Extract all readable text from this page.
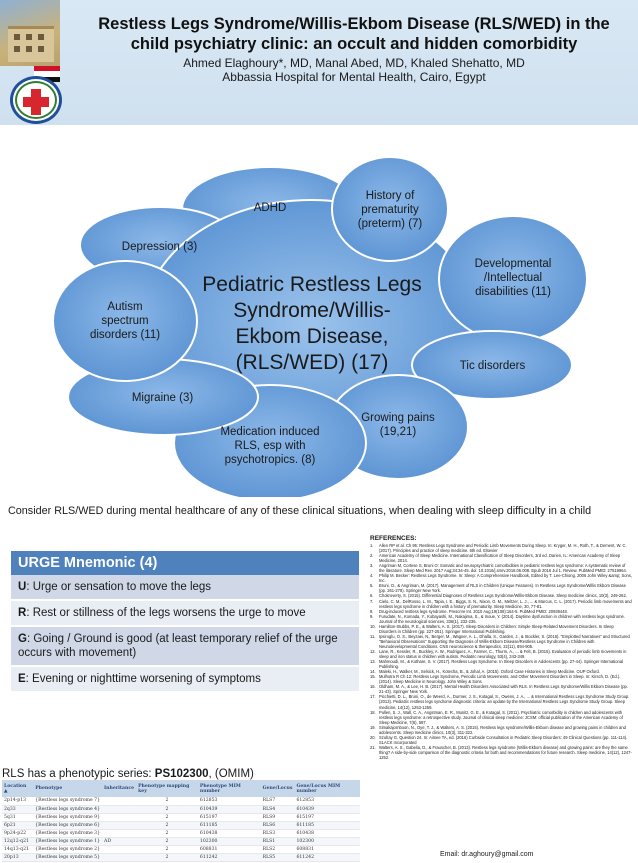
Restless Legs Syndrome/Willis-Ekbom Disease (RLS/WED) in the
child psychiatry clinic: an occult and hidden comorbidity
Ahmed Elaghoury*, MD, Manal Abed, MD, Khaled Shehatto, MD
Abbassia Hospital for Mental Health, Cairo, Egypt
ADHD
History of
prematurity
(preterm) (7)
Developmental
/Intellectual
disabilities (11)
Tic disorders
Growing pains
(19,21)
Medication induced
RLS, esp with
psychotropics. (8)
Migraine (3)
Autism
spectrum
disorders (11)
Depression (3)
Pediatric Restless Legs
Syndrome/Willis-
Ekbom Disease,
(RLS/WED) (17)
Consider RLS/WED during mental healthcare of any of these clinical situations, when dealing with sleep difficulty in a child
URGE Mnemonic (4)
U: Urge or sensation to move the legs
R: Rest or stillness of the legs worsens the urge to move
G: Going / Ground is good (at least temporary relief of the urge occurs with movement)
E: Evening or nighttime worsening of symptoms
RLS has a phenotypic series: PS102300, (OMIM)
Location ▲	Phenotype	Inheritance	Phenotype mapping key	Phenotype MIM number	Gene/Locus	Gene/Locus MIM number
2p14-p13	{Restless legs syndrome 7}		2	612853	RLS7	612853
2q33	{Restless legs syndrome 4}		2	610439	RLS4	610439
5q31	{Restless legs syndrome 9}		2	615197	RLS9	615197
6p21	{Restless legs syndrome 6}		2	611185	RLS6	611185
9p24-p22	{Restless legs syndrome 3}		2	610438	RLS3	610438
12q12-q21	{Restless legs syndrome 1}	AD	2	102300	RLS1	102300
14q13-q21	{Restless legs syndrome 2}		2	608831	RLS2	608831
20p13	{Restless legs syndrome 5}		2	611242	RLS5	611242
REFERENCES:
1.	Allen RP et al. Ch 95: Restless Legs Syndrome and Periodic Limb Movements During Sleep. In: Kryger, M. H., Roth, T., & Dement, W. C. (2017). Principles and practice of sleep medicine. 6th ed. Elsevier
2.	American Academy of Sleep Medicine. International Classification of Sleep Disorders, 3rd ed. Darien, IL: American Academy of Sleep Medicine, 2014.
3.	Angriman M, Cortese S, Bruni O: Somatic and neuropsychiatric comorbidities in pediatric restless legs syndrome: A systematic review of the literature. Sleep Med Rev. 2017 Aug;34:34-45. doi: 10.1016/j.smrv.2016.06.008. Epub 2016 Jul 1. Review. PubMed PMID: 27519964.
4.	Philip M. Becker: Restless Legs Syndrome. In: Sleep: A Comprehensive Handbook, Edited by T. Lee-Chiong. 2006 John Wiley &amp; Sons, Inc.
5.	Bruni, O., & Angriman, M. (2017). Management of RLS in Children (Unique Features). In Restless Legs Syndrome/Willis Ekbom Disease (pp. 261-278). Springer New York.
6.	Chokroverty, S. (2015). Differential Diagnoses of Restless Legs Syndrome/Willis-Ekbom Disease. Sleep medicine clinics, 10(3), 249-262.
7.	Cielo, C. M., DelRosso, L. M., Tapia, I. E., Biggs, S. N., Nixon, G. M., Meltzer, L. J., ... & Marcus, C. L. (2017). Periodic limb movements and restless legs syndrome in children with a history of prematurity. Sleep Medicine, 30, 77-81.
8.	Drug-induced restless legs syndrome. Prescrire Int. 2010 Aug;19(108):164-5. PubMed PMID: 20939448.
9.	Furudate, N., Komada, Y., Kobayashi, M., Nakajima, S., & Inoue, Y. (2014). Daytime dysfunction in children with restless legs syndrome. Journal of the neurological sciences, 336(1), 232-236.
10. Hamilton-Stubbs, P. E., & Walters, A. S. (2017). Sleep Disorders in Children: Simple Sleep-Related Movement Disorders. In Sleep Disorders in Children (pp. 227-251). Springer International Publishing.
11. Ipsiroglu, O. S., Beyzaei, N., Berger, M., Wagner, A. L., Dhalla, S., Garden, J., & Stockler, S. (2016). "Emplotted Narratives" and Structured "Behavioral Observations" Supporting the Diagnosis of Willis-Ekbom Disease/Restless Legs Syndrome in Children with Neurodevelopmental Conditions. CNS neuroscience & therapeutics, 22(11), 894-905.
12. Lane, R., Kessler, R., Buckley, A. W., Rodriguez, A., Farmer, C., Thurm, A., ... & Felt, B. (2015). Evaluation of periodic limb movements in sleep and iron status in children with autism. Pediatric neurology, 53(4), 343-349.
13. Mahmoudi, M., & Kothare, S. V. (2017). Restless Legs Syndrome. In Sleep Disorders in Adolescents (pp. 27-44). Springer International Publishing.
14. Maleki, H., Walker, M., Selsick, H., Kotecha, B., & Johal, A. (2015). Oxford Case Histories in Sleep Medicine. OUP Oxford.
15. Mulhotra R Ch 12: Restless Legs Syndrome, Periodic Limb Movements, and Other Movement Disorders in Sleep. In: Kirsch, D. (Ed.). (2014). Sleep Medicine in Neurology. John Wiley & Sons.
16. Oldham, M. A., & Lee, H. B. (2017). Mental Health Disorders Associated with RLS. In Restless Legs Syndrome/Willis Ekbom Disease (pp. 21-43). Springer New York.
17. Picchietti, D. L., Bruni, O., de Weerd, A., Durmer, J. S., Kotagal, S., Owens, J. A., ... & International Restless Legs Syndrome Study Group. (2013). Pediatric restless legs syndrome diagnostic criteria: an update by the International Restless Legs Syndrome Study Group. Sleep medicine, 14(12), 1253-1259.
18. Pullen, S. J., Wall, C. A., Angstman, E. R., Munitz, G. E., & Kotagal, S. (2011). Psychiatric comorbidity in children and adolescents with restless legs syndrome: a retrospective study. Journal of clinical sleep medicine: JCSM: official publication of the American Academy of Sleep Medicine, 7(6), 587.
19. Simakajornboon, N., Dye, T. J., & Walters, A. S. (2015). Restless legs syndrome/Willis-Ekbom disease and growing pains in children and adolescents. Sleep medicine clinics, 10(3), 311-322.
20. Szuhay G. Question 24. In: Aimee TA, ed. (2016) Curbside Consultation in Pediatric Sleep Disorders: 49 Clinical Questions (pp. 111-114). SLACK Incorporated
21. Walters, A. S., Gabelia, D., & Frauscher, B. (2013). Restless legs syndrome (Willis-Ekbom disease) and growing pains: are they the same thing? A side-by-side comparison of the diagnostic criteria for both and recommendations for future research. Sleep medicine, 14(12), 1247-1252.
Email: dr.aghoury@gmail.com
